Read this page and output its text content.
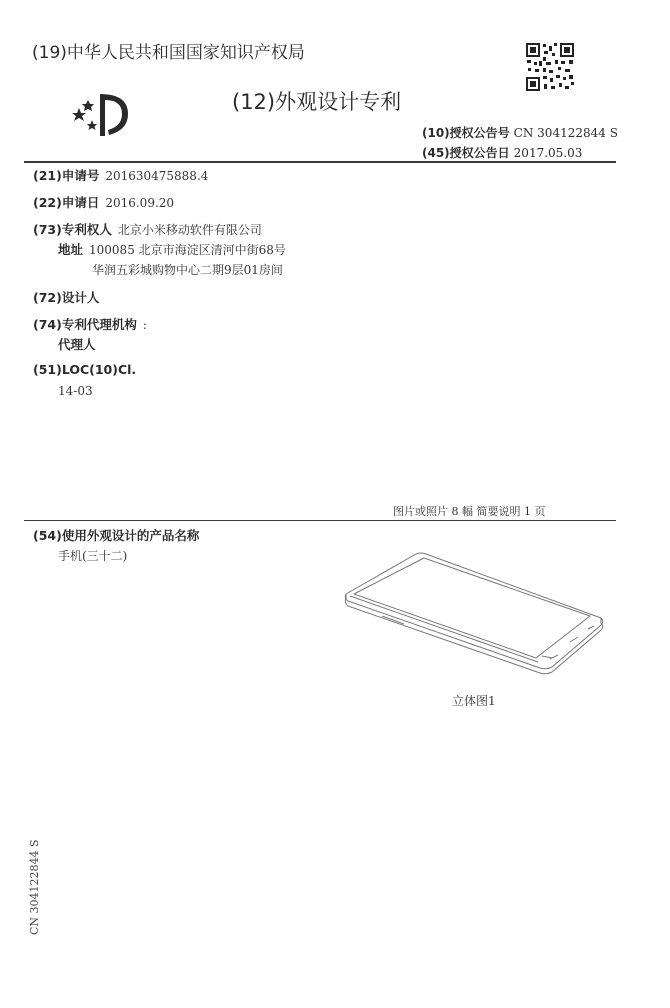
(19)中华人民共和国国家知识产权局
(12)外观设计专利
(10)授权公告号 CN 304122844 S
(45)授权公告日 2017.05.03
(21)申请号 201630475888.4
(22)申请日 2016.09.20
(73)专利权人 北京小米移动软件有限公司
地址 100085 北京市海淀区清河中街68号
华润五彩城购物中心二期9层01房间
(72)设计人
(74)专利代理机构 :
代理人
(51)LOC(10)Cl.
14-03
图片或照片 8 幅 简要说明 1 页
(54)使用外观设计的产品名称
手机(三十二)
立体图1
CN 304122844 S
